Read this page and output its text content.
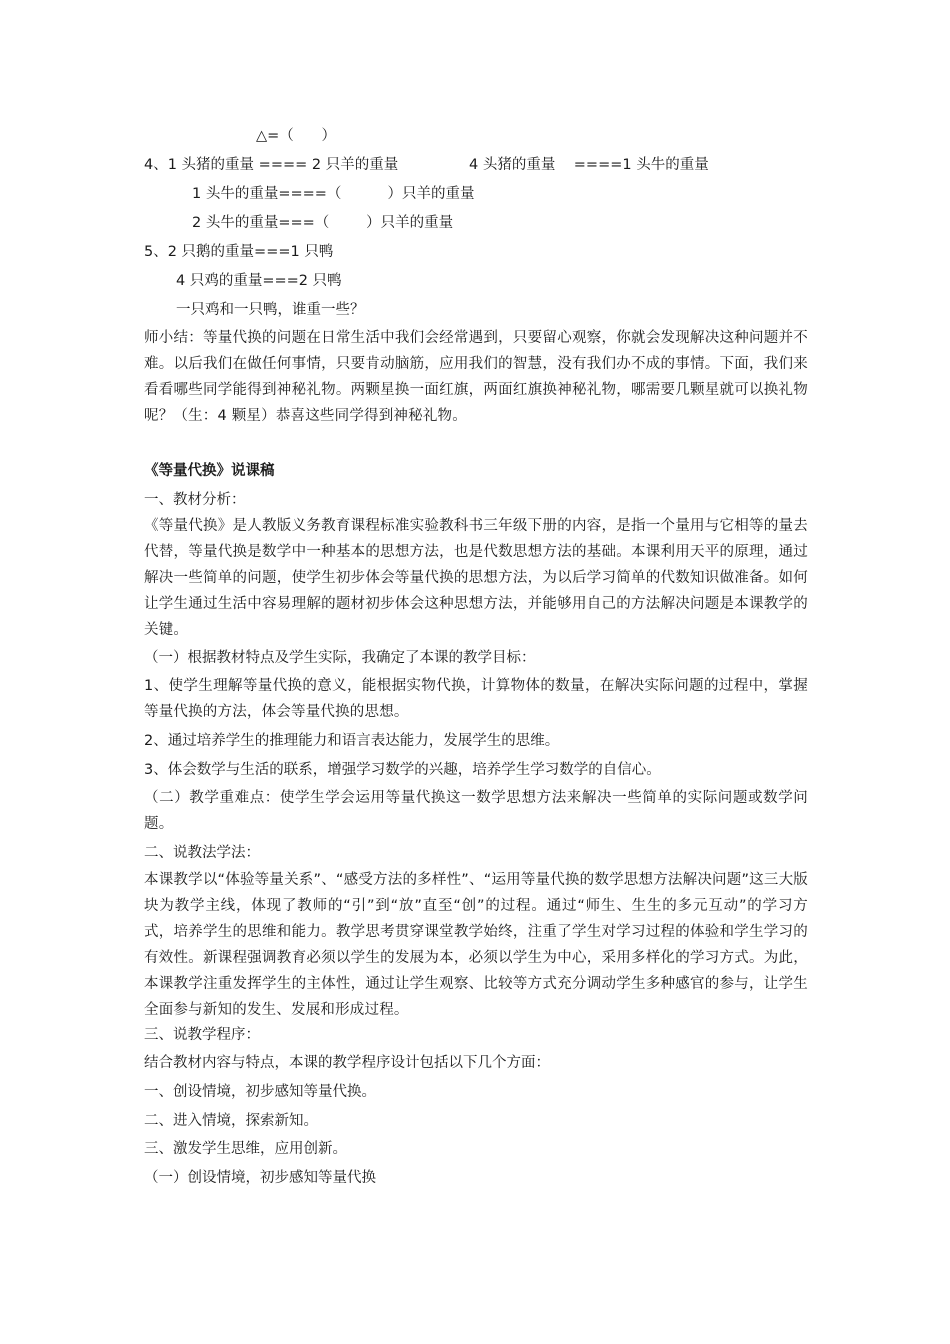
△=（      ）
4、1 头猪的重量 ==== 2 只羊的重量	4 头猪的重量    ====1 头牛的重量
1 头牛的重量====（          ）只羊的重量
2 头牛的重量===（        ）只羊的重量
5、2 只鹅的重量===1 只鸭
4 只鸡的重量===2 只鸭
一只鸡和一只鸭，谁重一些？
师小结：等量代换的问题在日常生活中我们会经常遇到，只要留心观察，你就会发现解决这种问题并不难。以后我们在做任何事情，只要肯动脑筋，应用我们的智慧，没有我们办不成的事情。下面，我们来看看哪些同学能得到神秘礼物。两颗星换一面红旗，两面红旗换神秘礼物，哪需要几颗星就可以换礼物呢？（生：4 颗星）恭喜这些同学得到神秘礼物。
《等量代换》说课稿
一、教材分析：
《等量代换》是人教版义务教育课程标准实验教科书三年级下册的内容，是指一个量用与它相等的量去代替，等量代换是数学中一种基本的思想方法，也是代数思想方法的基础。本课利用天平的原理，通过解决一些简单的问题，使学生初步体会等量代换的思想方法，为以后学习简单的代数知识做准备。如何让学生通过生活中容易理解的题材初步体会这种思想方法，并能够用自己的方法解决问题是本课教学的关键。
（一）根据教材特点及学生实际，我确定了本课的教学目标：
1、使学生理解等量代换的意义，能根据实物代换，计算物体的数量，在解决实际问题的过程中，掌握等量代换的方法，体会等量代换的思想。
2、通过培养学生的推理能力和语言表达能力，发展学生的思维。
3、体会数学与生活的联系，增强学习数学的兴趣，培养学生学习数学的自信心。
（二）教学重难点：使学生学会运用等量代换这一数学思想方法来解决一些简单的实际问题或数学问题。
二、说教法学法：
本课教学以“体验等量关系”、“感受方法的多样性”、“运用等量代换的数学思想方法解决问题”这三大版块为教学主线，体现了教师的“引”到“放”直至“创”的过程。通过“师生、生生的多元互动”的学习方式，培养学生的思维和能力。教学思考贯穿课堂教学始终，注重了学生对学习过程的体验和学生学习的有效性。新课程强调教育必须以学生的发展为本，必须以学生为中心，采用多样化的学习方式。为此，本课教学注重发挥学生的主体性，通过让学生观察、比较等方式充分调动学生多种感官的参与，让学生全面参与新知的发生、发展和形成过程。
三、说教学程序：
结合教材内容与特点，本课的教学程序设计包括以下几个方面：
一、创设情境，初步感知等量代换。
二、进入情境，探索新知。
三、激发学生思维，应用创新。
（一）创设情境，初步感知等量代换
